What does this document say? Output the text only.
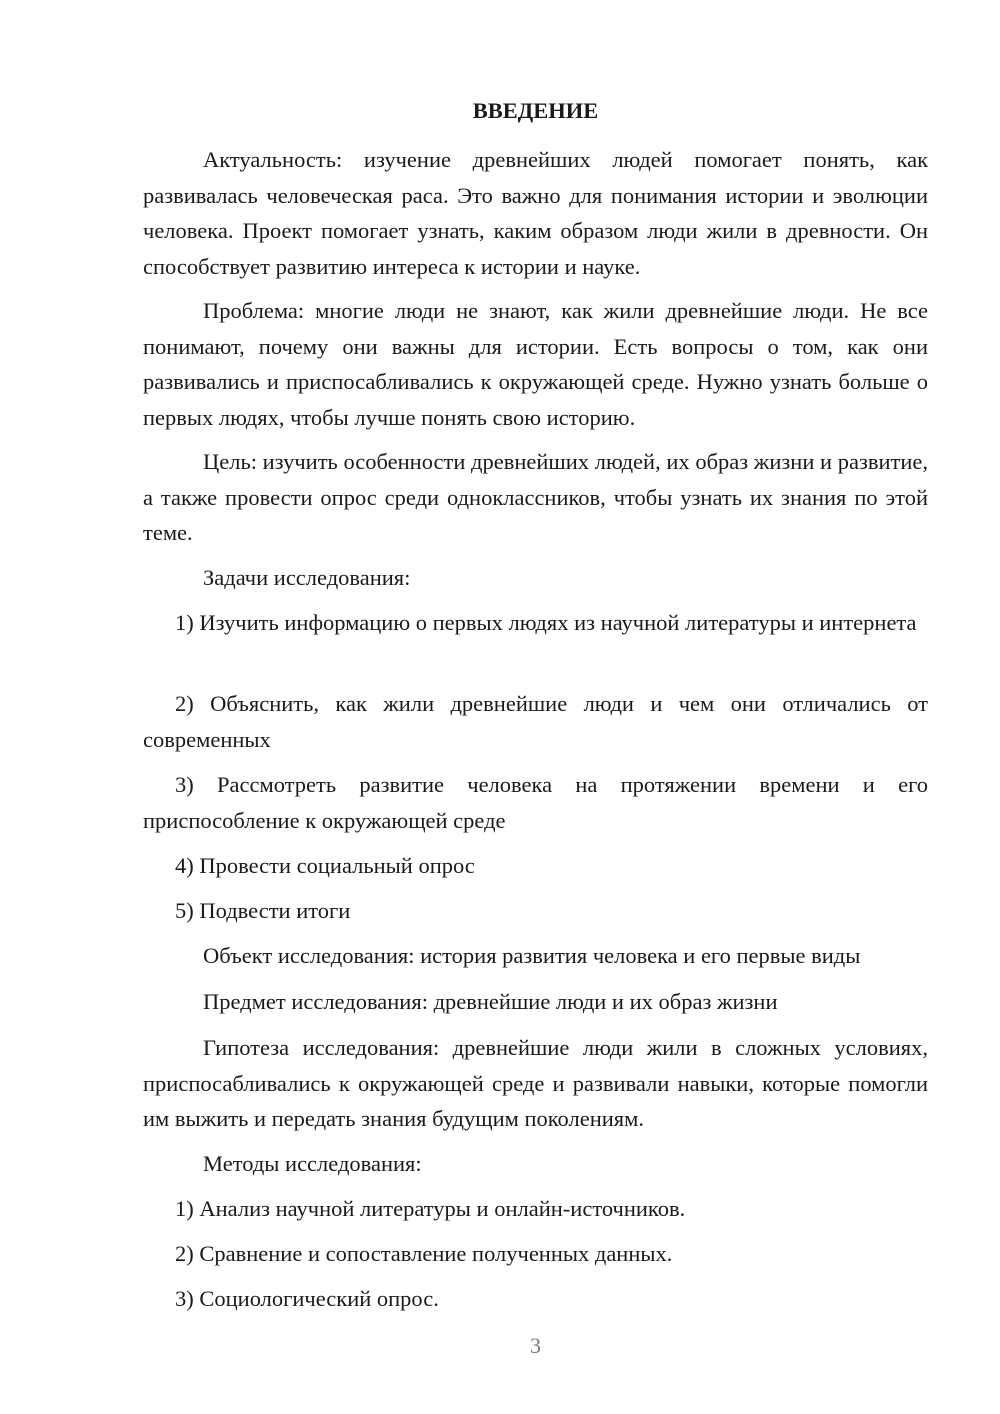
ВВЕДЕНИЕ

Актуальность: изучение древнейших людей помогает понять, как развивалась человеческая раса. Это важно для понимания истории и эволюции человека. Проект помогает узнать, каким образом люди жили в древности. Он способствует развитию интереса к истории и науке.

Проблема: многие люди не знают, как жили древнейшие люди. Не все понимают, почему они важны для истории. Есть вопросы о том, как они развивались и приспосабливались к окружающей среде. Нужно узнать больше о первых людях, чтобы лучше понять свою историю.

Цель: изучить особенности древнейших людей, их образ жизни и развитие, а также провести опрос среди одноклассников, чтобы узнать их знания по этой теме.

Задачи исследования:

1) Изучить информацию о первых людях из научной литературы и интернета

2) Объяснить, как жили древнейшие люди и чем они отличались от современных

3) Рассмотреть развитие человека на протяжении времени и его приспособление к окружающей среде

4) Провести социальный опрос

5) Подвести итоги

Объект исследования: история развития человека и его первые виды

Предмет исследования: древнейшие люди и их образ жизни

Гипотеза исследования: древнейшие люди жили в сложных условиях, приспосабливались к окружающей среде и развивали навыки, которые помогли им выжить и передать знания будущим поколениям.

Методы исследования:

1) Анализ научной литературы и онлайн-источников.

2) Сравнение и сопоставление полученных данных.

3) Социологический опрос.

3
